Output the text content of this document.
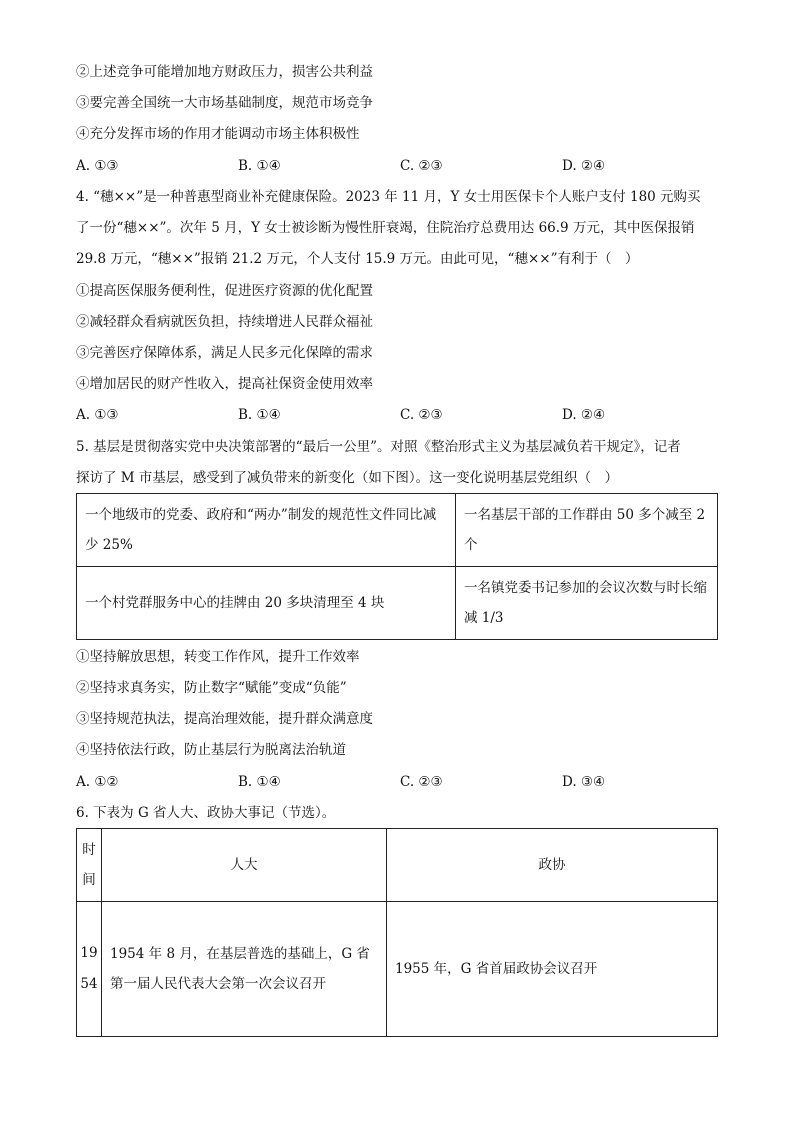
②上述竞争可能增加地方财政压力，损害公共利益
③要完善全国统一大市场基础制度，规范市场竞争
④充分发挥市场的作用才能调动市场主体积极性
A. ①③	B. ①④	C. ②③	D. ②④
4. “穗××”是一种普惠型商业补充健康保险。2023 年 11 月，Y 女士用医保卡个人账户支付 180 元购买
了一份“穗××”。次年 5 月，Y 女士被诊断为慢性肝衰竭，住院治疗总费用达 66.9 万元，其中医保报销
29.8 万元，“穗××”报销 21.2 万元，个人支付 15.9 万元。由此可见，“穗××”有利于（　）
①提高医保服务便利性，促进医疗资源的优化配置
②减轻群众看病就医负担，持续增进人民群众福祉
③完善医疗保障体系，满足人民多元化保障的需求
④增加居民的财产性收入，提高社保资金使用效率
A. ①③	B. ①④	C. ②③	D. ②④
5. 基层是贯彻落实党中央决策部署的“最后一公里”。对照《整治形式主义为基层减负若干规定》，记者
探访了 M 市基层，感受到了减负带来的新变化（如下图）。这一变化说明基层党组织（　）
一个地级市的党委、政府和“两办”制发的规范性文件同比减少 25%	一名基层干部的工作群由 50 多个减至 2 个
一个村党群服务中心的挂牌由 20 多块清理至 4 块	一名镇党委书记参加的会议次数与时长缩减 1/3
①坚持解放思想，转变工作作风，提升工作效率
②坚持求真务实，防止数字“赋能”变成“负能”
③坚持规范执法，提高治理效能，提升群众满意度
④坚持依法行政，防止基层行为脱离法治轨道
A. ①②	B. ①④	C. ②③	D. ③④
6. 下表为 G 省人大、政协大事记（节选）。
时间	人大	政协
1954	1954 年 8 月，在基层普选的基础上，G 省第一届人民代表大会第一次会议召开	1955 年，G 省首届政协会议召开
